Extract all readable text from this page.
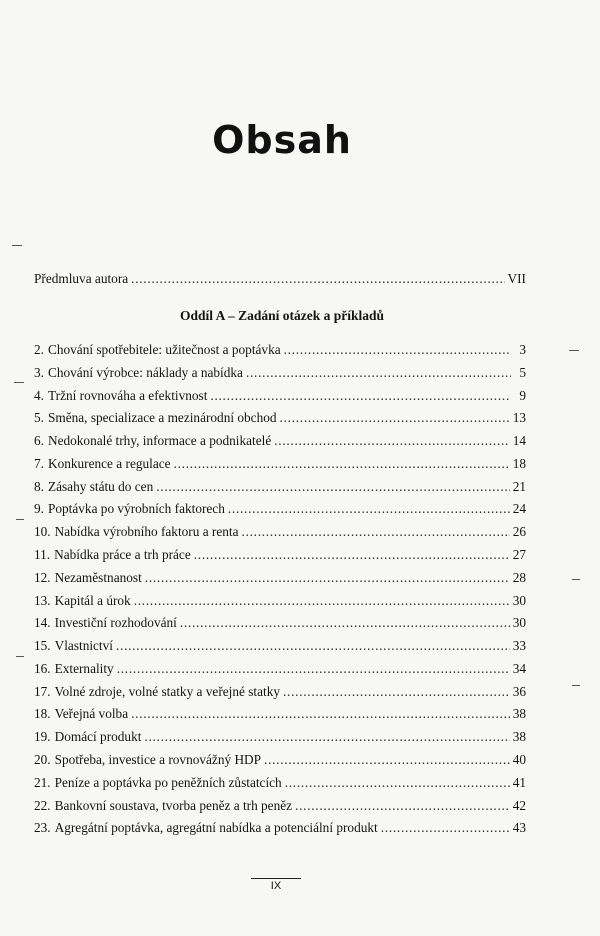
Obsah
Předmluva autora . . .	VII
Oddíl A – Zadání otázek a příkladů
2. Chování spotřebitele: užitečnost a poptávka . . .	3
3. Chování výrobce: náklady a nabídka . . .	5
4. Tržní rovnováha a efektivnost . . .	9
5. Směna, specializace a mezinárodní obchod . . .	13
6. Nedokonalé trhy, informace a podnikatelé . . .	14
7. Konkurence a regulace . . .	18
8. Zásahy státu do cen . . .	21
9. Poptávka po výrobních faktorech . . .	24
10. Nabídka výrobního faktoru a renta . . .	26
11. Nabídka práce a trh práce . . .	27
12. Nezaměstnanost . . .	28
13. Kapitál a úrok . . .	30
14. Investiční rozhodování . . .	30
15. Vlastnictví . . .	33
16. Externality . . .	34
17. Volné zdroje, volné statky a veřejné statky . . .	36
18. Veřejná volba . . .	38
19. Domácí produkt . . .	38
20. Spotřeba, investice a rovnovážný HDP . . .	40
21. Peníze a poptávka po peněžních zůstatcích . . .	41
22. Bankovní soustava, tvorba peněz a trh peněz . . .	42
23. Agregátní poptávka, agregátní nabídka a potenciální produkt . . .	43
IX
